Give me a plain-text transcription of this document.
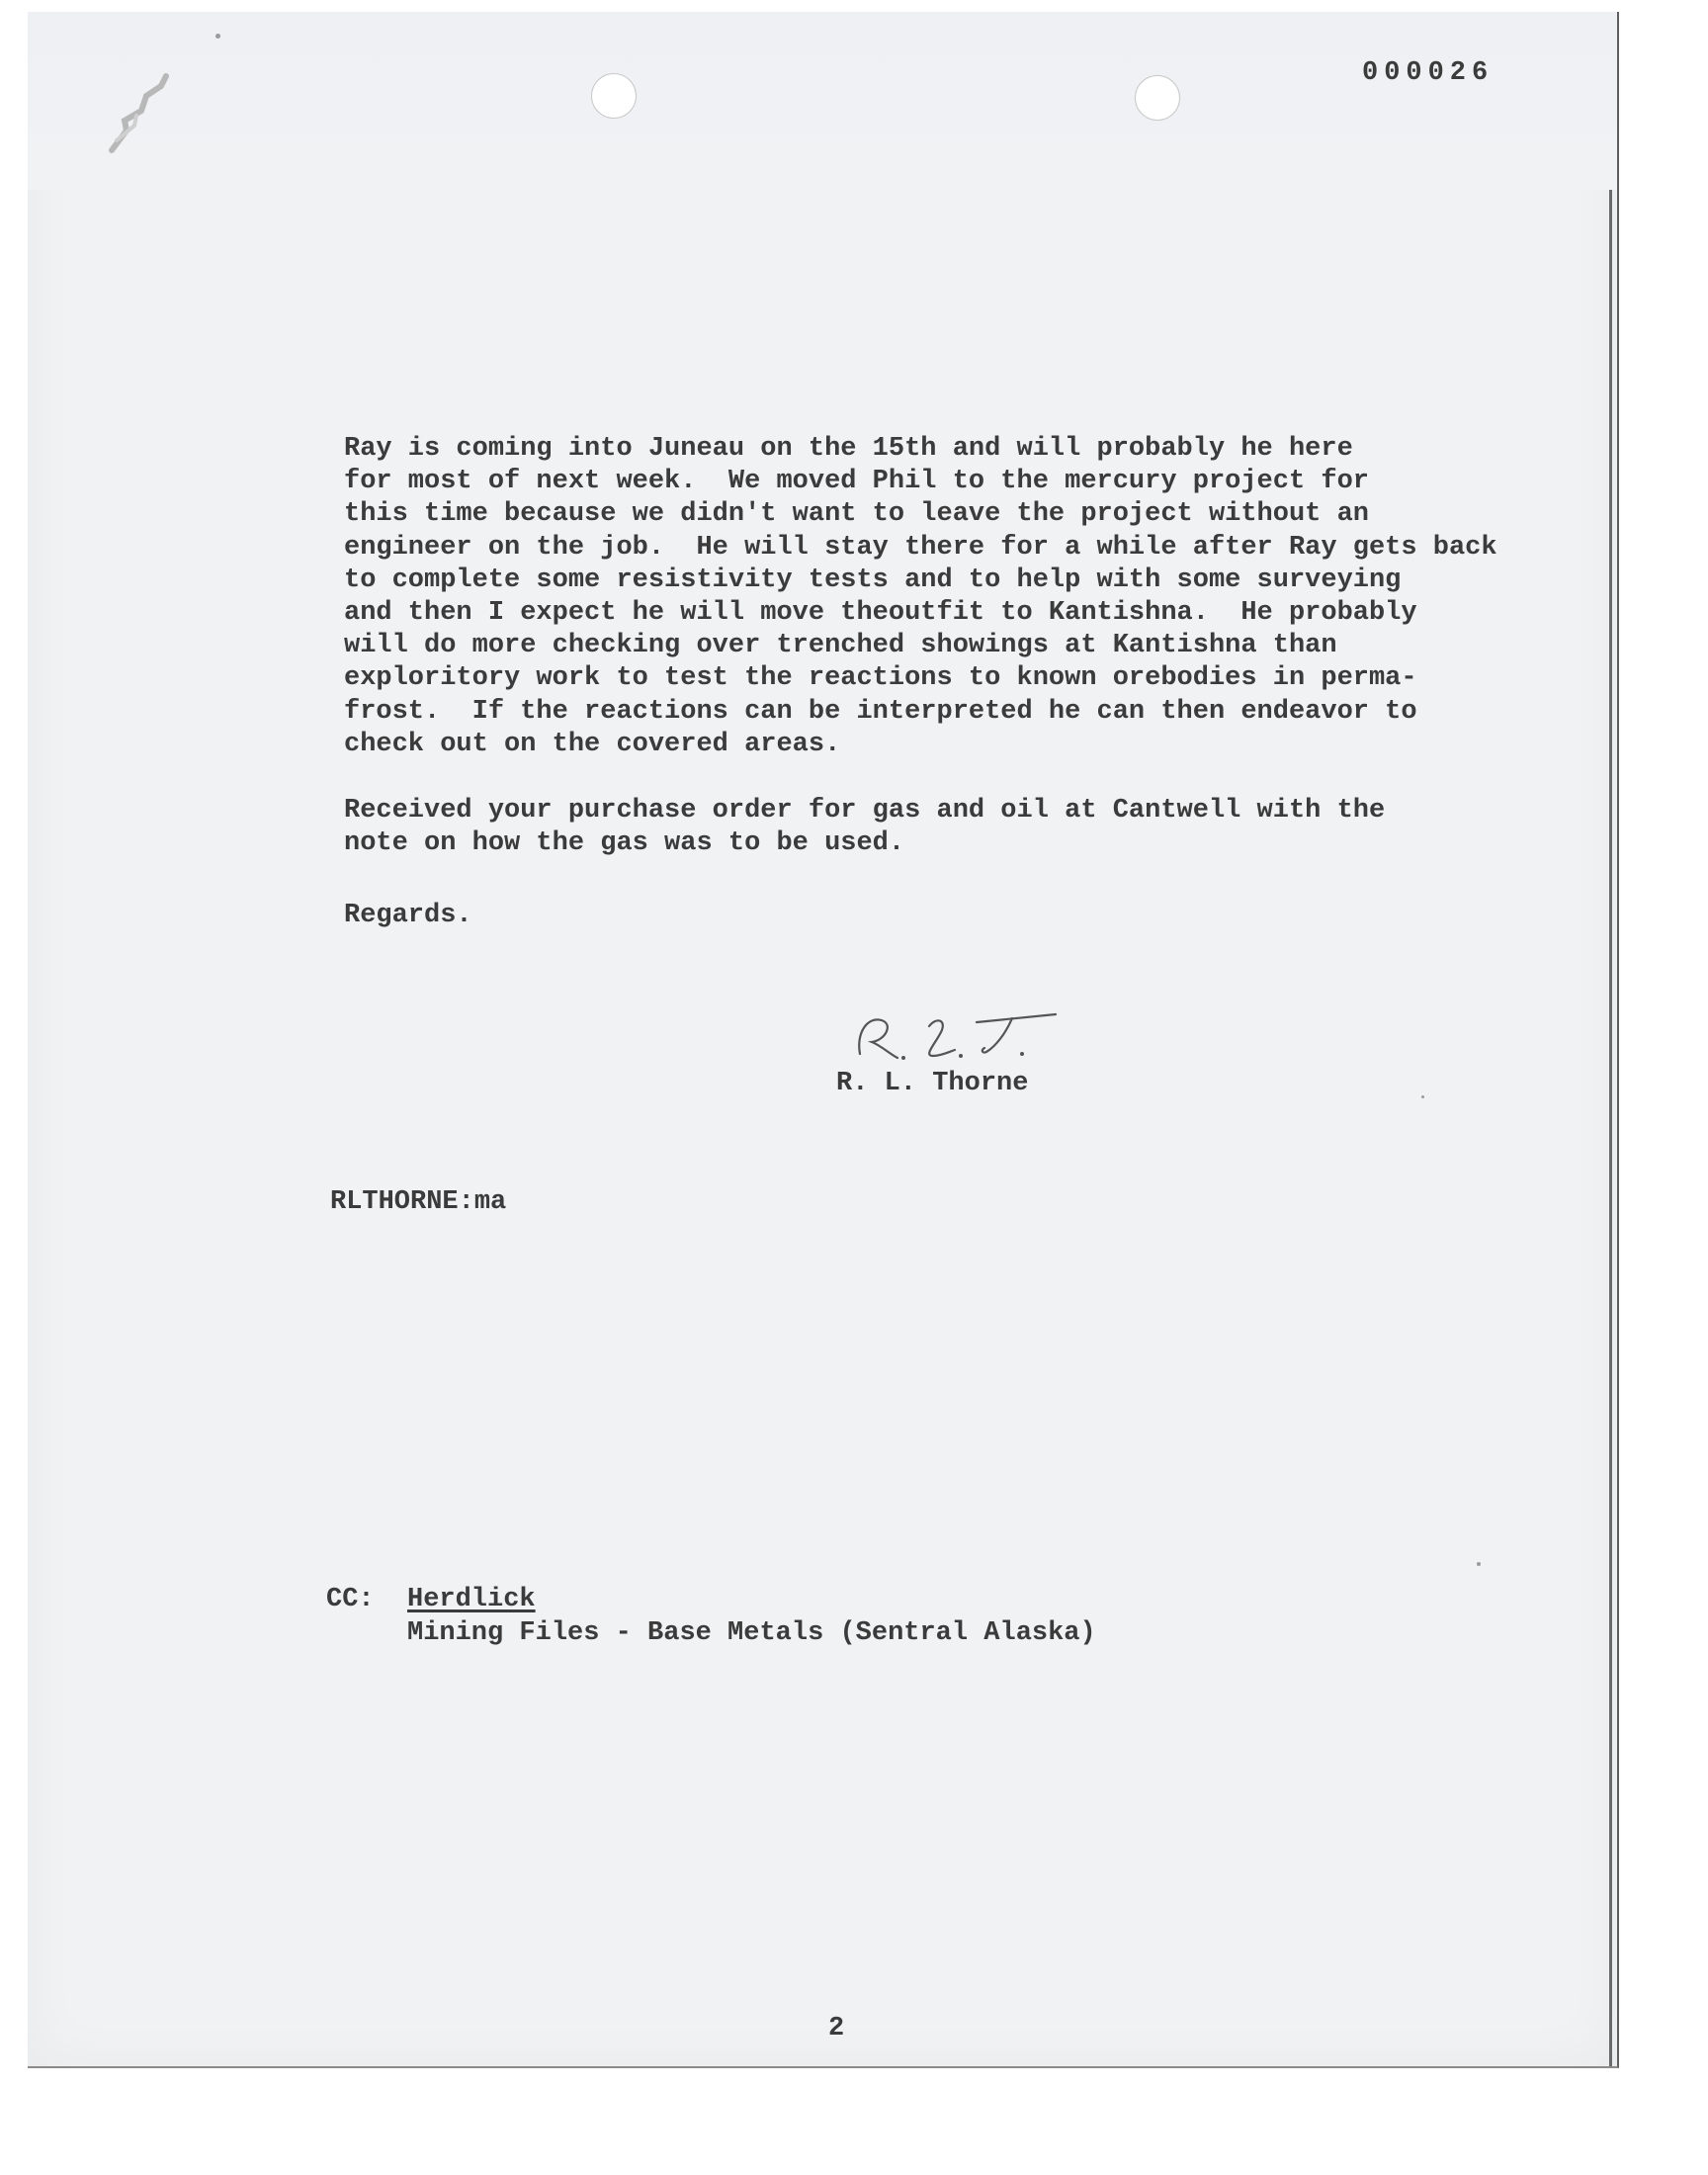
000026

Ray is coming into Juneau on the 15th and will probably he here
for most of next week.  We moved Phil to the mercury project for
this time because we didn't want to leave the project without an
engineer on the job.  He will stay there for a while after Ray gets back
to complete some resistivity tests and to help with some surveying
and then I expect he will move theoutfit to Kantishna.  He probably
will do more checking over trenched showings at Kantishna than
exploritory work to test the reactions to known orebodies in perma-
frost.  If the reactions can be interpreted he can then endeavor to
check out on the covered areas.

Received your purchase order for gas and oil at Cantwell with the
note on how the gas was to be used.

Regards.

R. L. Thorne

RLTHORNE:ma

CC: Herdlick

Mining Files - Base Metals (Sentral Alaska)

2
